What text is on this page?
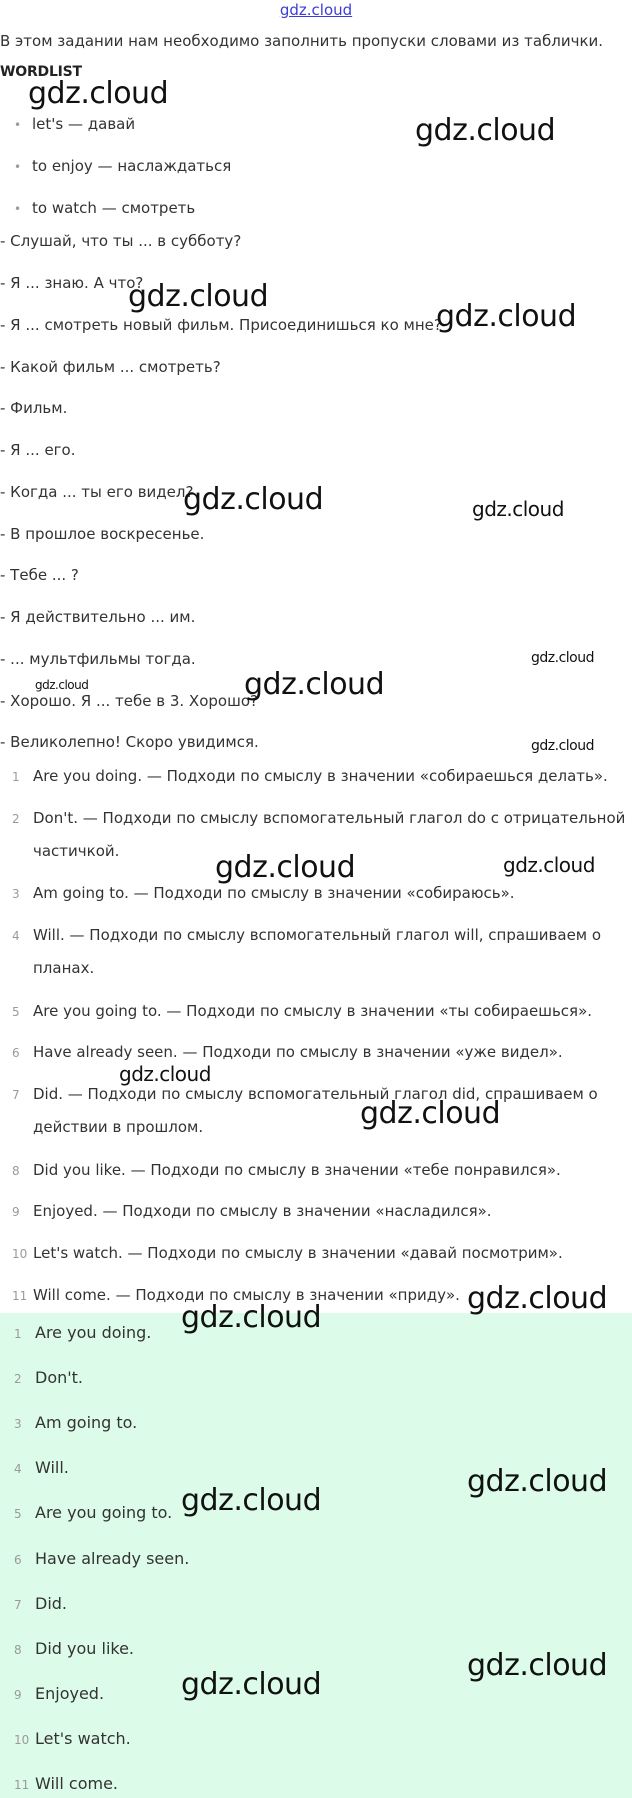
gdz.cloud
В этом задании нам необходимо заполнить пропуски словами из таблички.
WORDLIST
• let's — давай
• to enjoy — наслаждаться
• to watch — смотреть
- Слушай, что ты ... в субботу?
- Я ... знаю. А что?
- Я ... смотреть новый фильм. Присоединишься ко мне?
- Какой фильм ... смотреть?
- Фильм.
- Я ... его.
- Когда ... ты его видел?
- В прошлое воскресенье.
- Тебе ... ?
- Я действительно ... им.
- ... мультфильмы тогда.
- Хорошо. Я ... тебе в 3. Хорошо?
- Великолепно! Скоро увидимся.
1 Are you doing. — Подходи по смыслу в значении «собираешься делать».
2 Don't. — Подходи по смыслу вспомогательный глагол do с отрицательной
частичкой.
3 Am going to. — Подходи по смыслу в значении «собираюсь».
4 Will. — Подходи по смыслу вспомогательный глагол will, спрашиваем о
планах.
5 Are you going to. — Подходи по смыслу в значении «ты собираешься».
6 Have already seen. — Подходи по смыслу в значении «уже видел».
7 Did. — Подходи по смыслу вспомогательный глагол did, спрашиваем о
действии в прошлом.
8 Did you like. — Подходи по смыслу в значении «тебе понравился».
9 Enjoyed. — Подходи по смыслу в значении «насладился».
10 Let's watch. — Подходи по смыслу в значении «давай посмотрим».
11 Will come. — Подходи по смыслу в значении «приду».
1 Are you doing.
2 Don't.
3 Am going to.
4 Will.
5 Are you going to.
6 Have already seen.
7 Did.
8 Did you like.
9 Enjoyed.
10 Let's watch.
11 Will come.
gdz.cloud
gdz.cloud
gdz.cloud
gdz.cloud
gdz.cloud	gdz.cloud
gdz.cloud
gdz.cloud	gdz.cloud
gdz.cloud
gdz.cloud	gdz.cloud
gdz.cloud
gdz.cloud
gdz.cloud
gdz.cloud
gdz.cloud
gdz.cloud
gdz.cloud
gdz.cloud
